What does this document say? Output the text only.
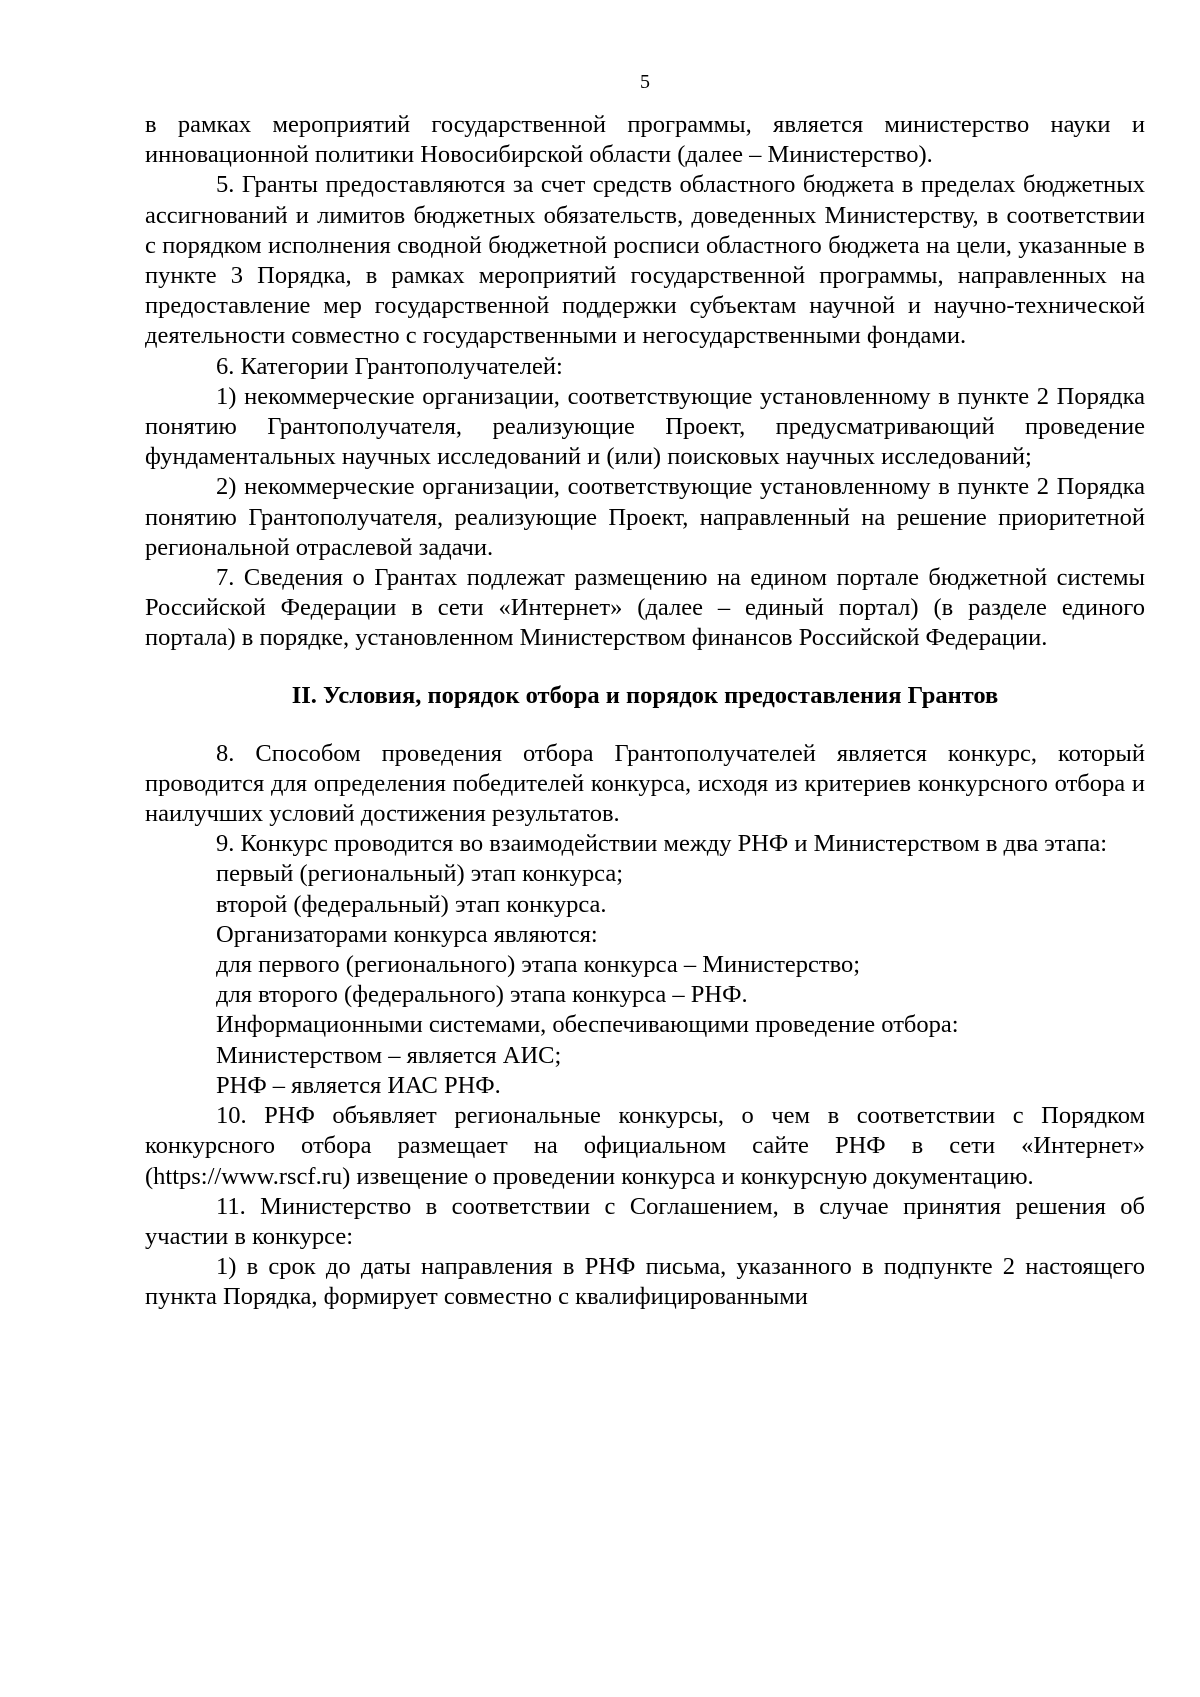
5

в рамках мероприятий государственной программы, является министерство науки и инновационной политики Новосибирской области (далее – Министерство).

5. Гранты предоставляются за счет средств областного бюджета в пределах бюджетных ассигнований и лимитов бюджетных обязательств, доведенных Министерству, в соответствии с порядком исполнения сводной бюджетной росписи областного бюджета на цели, указанные в пункте 3 Порядка, в рамках мероприятий государственной программы, направленных на предоставление мер государственной поддержки субъектам научной и научно-технической деятельности совместно с государственными и негосударственными фондами.

6. Категории Грантополучателей:

1) некоммерческие организации, соответствующие установленному в пункте 2 Порядка понятию Грантополучателя, реализующие Проект, предусматривающий проведение фундаментальных научных исследований и (или) поисковых научных исследований;

2) некоммерческие организации, соответствующие установленному в пункте 2 Порядка понятию Грантополучателя, реализующие Проект, направленный на решение приоритетной региональной отраслевой задачи.

7. Сведения о Грантах подлежат размещению на едином портале бюджетной системы Российской Федерации в сети «Интернет» (далее – единый портал) (в разделе единого портала) в порядке, установленном Министерством финансов Российской Федерации.

II. Условия, порядок отбора и порядок предоставления Грантов

8. Способом проведения отбора Грантополучателей является конкурс, который проводится для определения победителей конкурса, исходя из критериев конкурсного отбора и наилучших условий достижения результатов.

9. Конкурс проводится во взаимодействии между РНФ и Министерством в два этапа:

первый (региональный) этап конкурса;

второй (федеральный) этап конкурса.

Организаторами конкурса являются:

для первого (регионального) этапа конкурса – Министерство;

для второго (федерального) этапа конкурса – РНФ.

Информационными системами, обеспечивающими проведение отбора:

Министерством – является АИС;

РНФ – является ИАС РНФ.

10. РНФ объявляет региональные конкурсы, о чем в соответствии с Порядком конкурсного отбора размещает на официальном сайте РНФ в сети «Интернет» (https://www.rscf.ru) извещение о проведении конкурса и конкурсную документацию.

11. Министерство в соответствии с Соглашением, в случае принятия решения об участии в конкурсе:

1) в срок до даты направления в РНФ письма, указанного в подпункте 2 настоящего пункта Порядка, формирует совместно с квалифицированными
